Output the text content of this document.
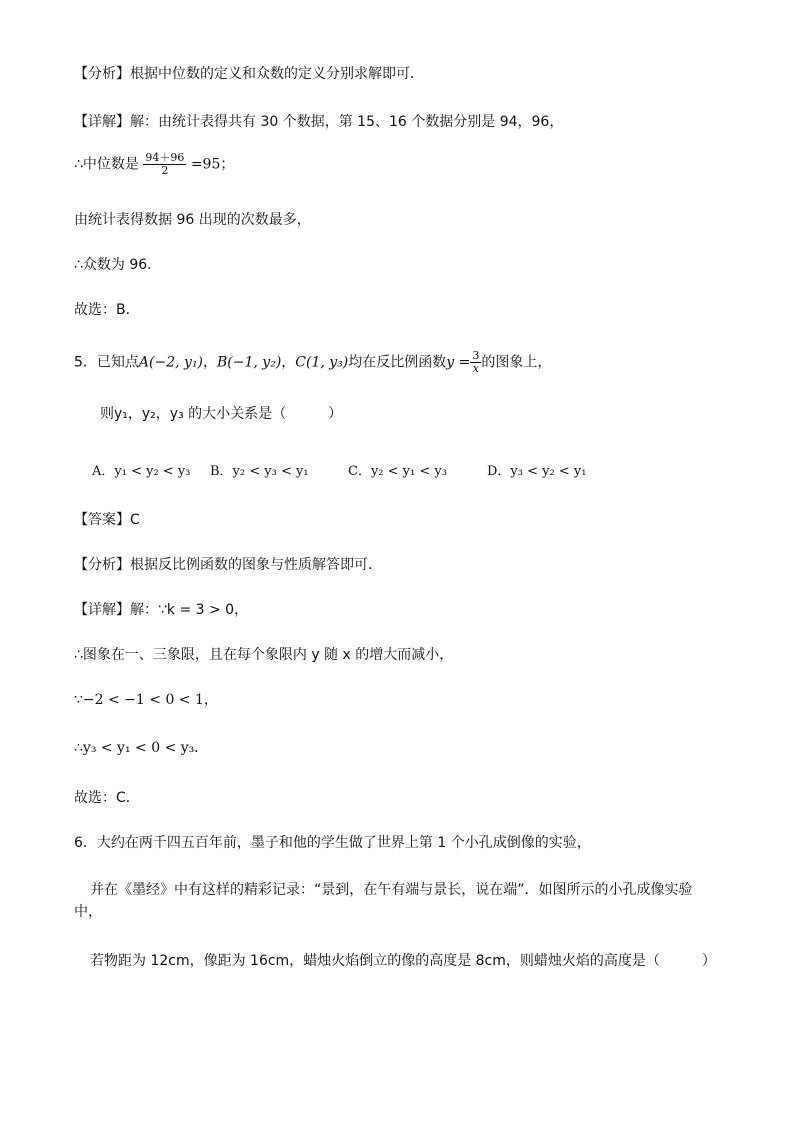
【分析】根据中位数的定义和众数的定义分别求解即可．
【详解】解：由统计表得共有 30 个数据，第 15、16 个数据分别是 94，96，
∴中位数是 $\frac{94+96}{2} =95$；
由统计表得数据 96 出现的次数最多，
∴众数为 96．
故选：B．
5．已知点A(−2, y₁)，B(−1, y₂)，C(1, y₃)均在反比例函数$y = \frac{3}{x}$ 的图象上，
则y₁，y₂，y₃ 的大小关系是（　　　）
A．y₁ < y₂ < y₃ B．y₂ < y₃ < y₁	C．y₂ < y₁ < y₃	D．y₃ < y₂ < y₁
【答案】C
【分析】根据反比例函数的图象与性质解答即可．
【详解】解：∵k = 3 > 0，
∴图象在一、三象限，且在每个象限内 y 随 x 的增大而减小，
∵−2 < −1 < 0 < 1，
∴y₃ < y₁ < 0 < y₃．
故选：C．
6．大约在两千四五百年前，墨子和他的学生做了世界上第 1 个小孔成倒像的实验，
并在《墨经》中有这样的精彩记录：“景到，在午有端与景长，说在端”．如图所示的小孔成像实验
中，
若物距为 12cm，像距为 16cm，蜡烛火焰倒立的像的高度是 8cm，则蜡烛火焰的高度是（　　　）
